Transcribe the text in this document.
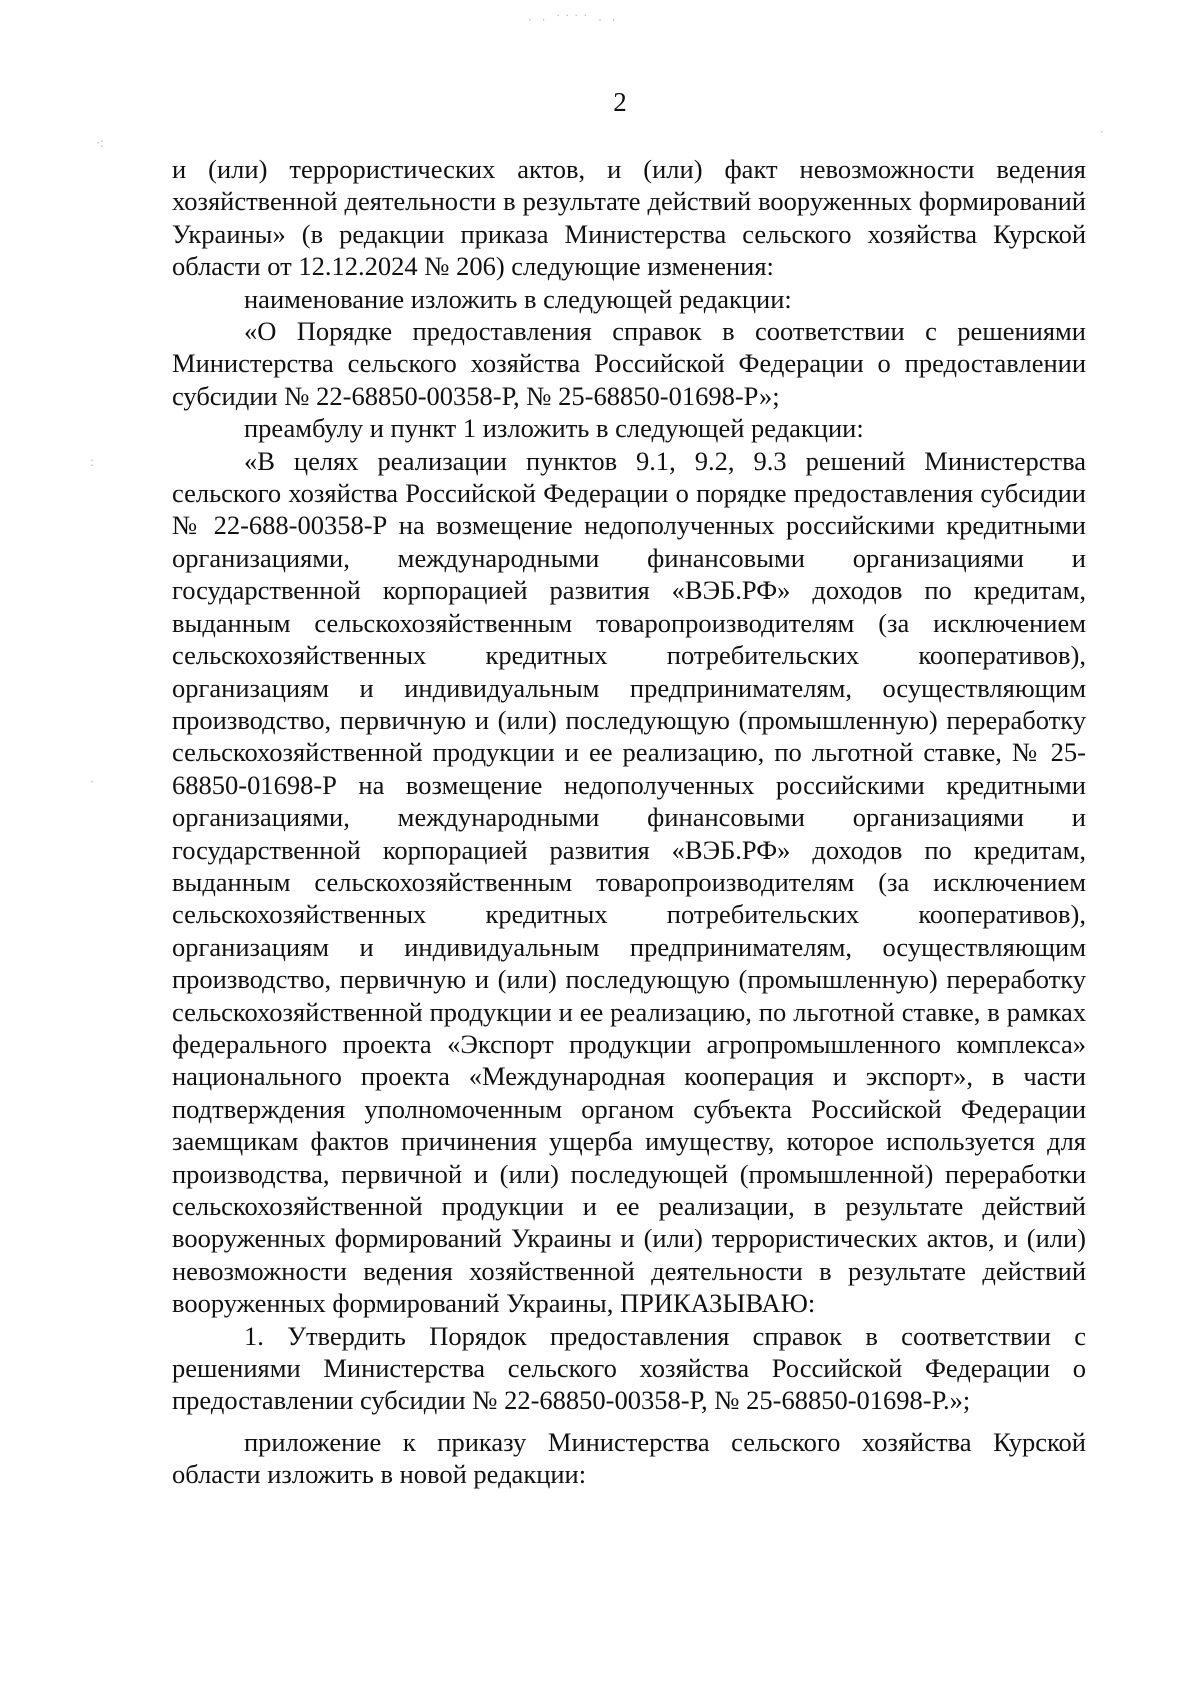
· · ˙˙˙˙ · ·
·:
·
:
·
2

и (или) террористических актов, и (или) факт невозможности ведения хозяйственной деятельности в результате действий вооруженных формирований Украины» (в редакции приказа Министерства сельского хозяйства Курской области от 12.12.2024 № 206) следующие изменения:

наименование изложить в следующей редакции:

«О Порядке предоставления справок в соответствии с решениями Министерства сельского хозяйства Российской Федерации о предоставлении субсидии № 22-68850-00358-Р, № 25-68850-01698-Р»;

преамбулу и пункт 1 изложить в следующей редакции:

«В целях реализации пунктов 9.1, 9.2, 9.3 решений Министерства сельского хозяйства Российской Федерации о порядке предоставления субсидии № 22-688-00358-Р на возмещение недополученных российскими кредитными организациями, международными финансовыми организациями и государственной корпорацией развития «ВЭБ.РФ» доходов по кредитам, выданным сельскохозяйственным товаропроизводителям (за исключением сельскохозяйственных кредитных потребительских кооперативов), организациям и индивидуальным предпринимателям, осуществляющим производство, первичную и (или) последующую (промышленную) переработку сельскохозяйственной продукции и ее реализацию, по льготной ставке, № 25-68850-01698-Р на возмещение недополученных российскими кредитными организациями, международными финансовыми организациями и государственной корпорацией развития «ВЭБ.РФ» доходов по кредитам, выданным сельскохозяйственным товаропроизводителям (за исключением сельскохозяйственных кредитных потребительских кооперативов), организациям и индивидуальным предпринимателям, осуществляющим производство, первичную и (или) последующую (промышленную) переработку сельскохозяйственной продукции и ее реализацию, по льготной ставке, в рамках федерального проекта «Экспорт продукции агропромышленного комплекса» национального проекта «Международная кооперация и экспорт», в части подтверждения уполномоченным органом субъекта Российской Федерации заемщикам фактов причинения ущерба имуществу, которое используется для производства, первичной и (или) последующей (промышленной) переработки сельскохозяйственной продукции и ее реализации, в результате действий вооруженных формирований Украины и (или) террористических актов, и (или) невозможности ведения хозяйственной деятельности в результате действий вооруженных формирований Украины, ПРИКАЗЫВАЮ:

1. Утвердить Порядок предоставления справок в соответствии с решениями Министерства сельского хозяйства Российской Федерации о предоставлении субсидии № 22-68850-00358-Р, № 25-68850-01698-Р.»;

приложение к приказу Министерства сельского хозяйства Курской области изложить в новой редакции:
